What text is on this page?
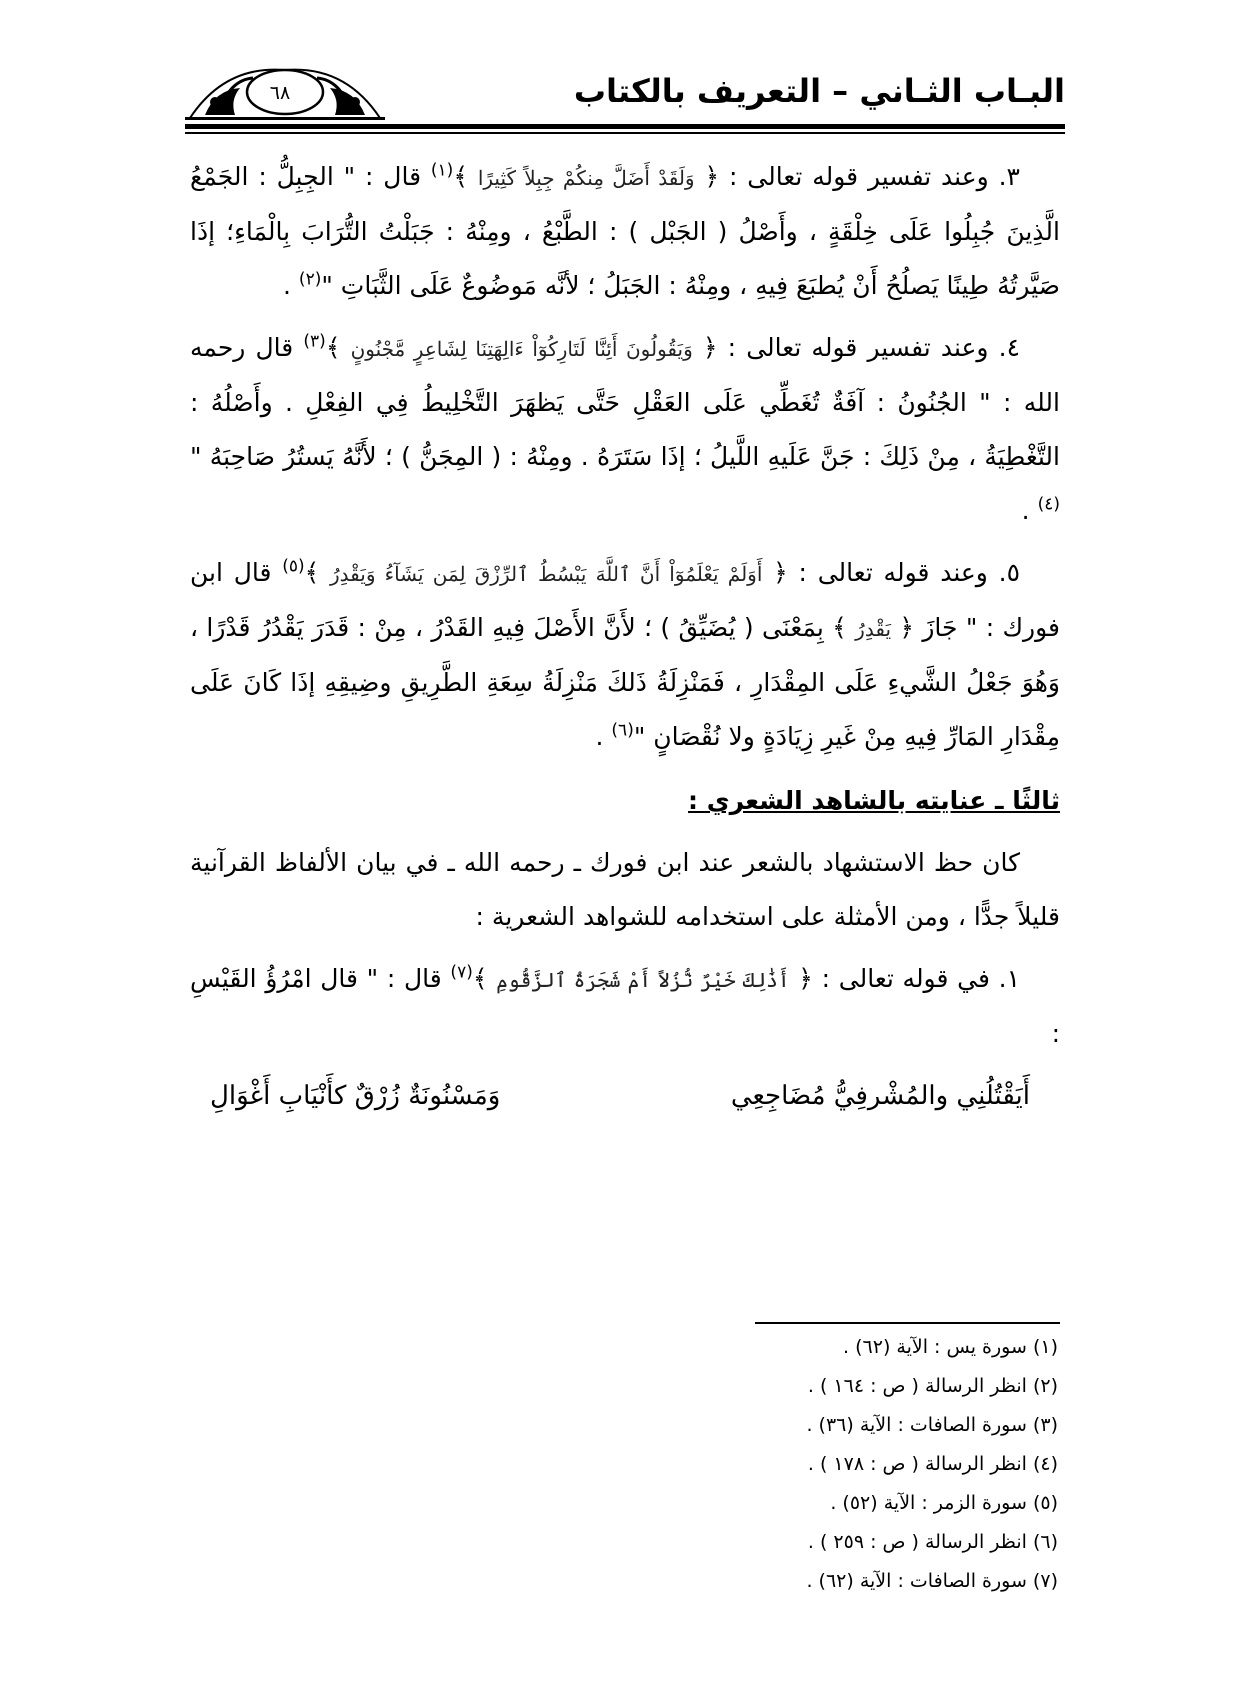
٦٨	البـاب الثـاني – التعريف بالكتاب

٣. وعند تفسير قوله تعالى : ﴿ وَلَقَدْ أَضَلَّ مِنكُمْ جِبِلاً كَثِيرًا ﴾$^{(١)}$ قال : " الجِبِلُّ : الجَمْعُ الَّذِينَ جُبِلُوا عَلَى خِلْقَةٍ ، وأَصْلُ ( الجَبْل ) : الطَّبْعُ ، ومِنْهُ : جَبَلْتُ التُّرَابَ بِالْمَاءِ؛ إذَا صَيَّرتُهُ طِينًا يَصلُحُ أَنْ يُطبَعَ فِيهِ ، ومِنْهُ : الجَبَلُ ؛ لأنَّه مَوضُوعٌ عَلَى الثَّبَاتِ "$^{(٢)}$ .

٤. وعند تفسير قوله تعالى : ﴿ وَيَقُولُونَ أَئِنَّا لَتَارِكُوٓاْ ءَالِهَتِنَا لِشَاعِرٍ مَّجْنُونٍ ﴾$^{(٣)}$ قال رحمه الله : " الجُنُونُ : آفَةٌ تُغَطِّي عَلَى العَقْلِ حَتَّى يَظهَرَ التَّخْلِيطُ فِي الفِعْلِ . وأَصْلُهُ : التَّغْطِيَةُ ، مِنْ ذَلِكَ : جَنَّ عَلَيهِ اللَّيلُ ؛ إذَا سَتَرَهُ . ومِنْهُ : ( المِجَنُّ ) ؛ لأَنَّهُ يَستُرُ صَاحِبَهُ "$^{(٤)}$ .

٥. وعند قوله تعالى : ﴿ أَوَلَمْ يَعْلَمُوٓاْ أَنَّ ٱللَّهَ يَبْسُطُ ٱلرِّزْقَ لِمَن يَشَآءُ وَيَقْدِرُ ﴾$^{(٥)}$ قال ابن فورك : " جَازَ ﴿ يَقْدِرُ ﴾ بِمَعْنَى ( يُضَيِّقُ ) ؛ لأَنَّ الأَصْلَ فِيهِ القَدْرُ ، مِنْ : قَدَرَ يَقْدُرُ قَدْرًا ، وَهُوَ جَعْلُ الشَّيءِ عَلَى المِقْدَارِ ، فَمَنْزِلَةُ ذَلكَ مَنْزِلَةُ سِعَةِ الطَّرِيقِ وضِيقِهِ إذَا كَانَ عَلَى مِقْدَارِ المَارِّ فِيهِ مِنْ غَيرِ زِيَادَةٍ ولا نُقْصَانٍ "$^{(٦)}$ .

ثالثًا ـ عنايته بالشاهد الشعري :

كان حظ الاستشهاد بالشعر عند ابن فورك ـ رحمه الله ـ في بيان الألفاظ القرآنية قليلاً جدًّا ، ومن الأمثلة على استخدامه للشواهد الشعرية :

١. في قوله تعالى : ﴿ أَذَٰلِكَ خَيْرٌ نُّزُلاً أَمْ شَجَرَةُ ٱلزَّقُّومِ ﴾$^{(٧)}$ قال : " قال امْرُؤُ القَيْسِ :

أَيَقْتُلُنِي والمُشْرفِيُّ مُضَاجِعِي
وَمَسْنُونَةٌ زُرْقٌ كأَنْيَابِ أَغْوَالِ
(١) سورة يس : الآية (٦٢) .
(٢) انظر الرسالة ( ص : ١٦٤ ) .
(٣) سورة الصافات : الآية (٣٦) .
(٤) انظر الرسالة ( ص : ١٧٨ ) .
(٥) سورة الزمر : الآية (٥٢) .
(٦) انظر الرسالة ( ص : ٢٥٩ ) .
(٧) سورة الصافات : الآية (٦٢) .
